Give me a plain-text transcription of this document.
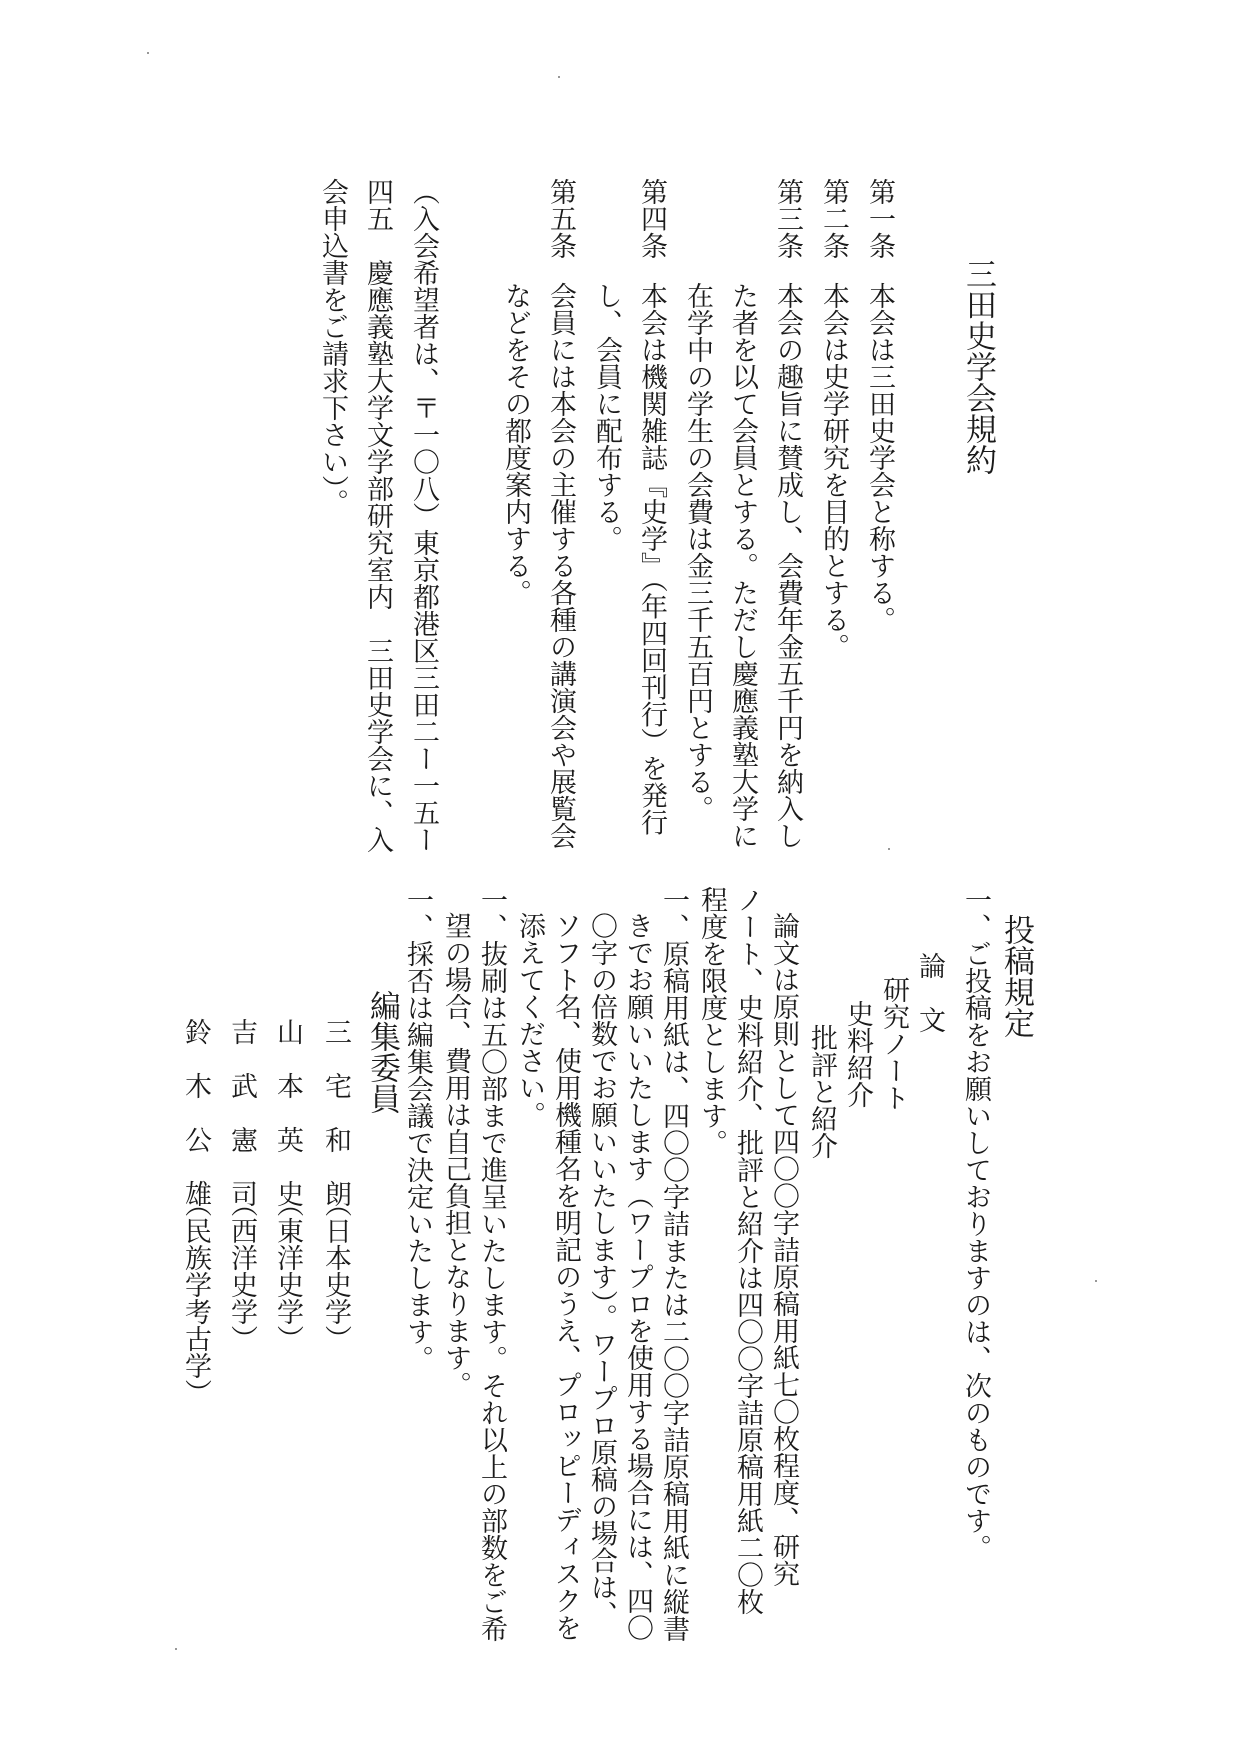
三田史学会規約
第一条
本会は三田史学会と称する。
第二条
本会は史学研究を目的とする。
第三条
本会の趣旨に賛成し、会費年金五千円を納入し
た者を以て会員とする。ただし慶應義塾大学に
在学中の学生の会費は金三千五百円とする。
第四条
本会は機関雑誌『史学』（年四回刊行）を発行
し、会員に配布する。
第五条
会員には本会の主催する各種の講演会や展覧会
などをその都度案内する。
（入会希望者は、〒一〇八）東京都港区三田二ー一五ー
四五　慶應義塾大学文学部研究室内　三田史学会に、入
会申込書をご請求下さい）。
投稿規定
一、ご投稿をお願いしておりますのは、次のものです。
論　文
研究ノート
史料紹介
批評と紹介
論文は原則として四〇〇字詰原稿用紙七〇枚程度、研究
ノート、史料紹介、批評と紹介は四〇〇字詰原稿用紙二〇枚
程度を限度とします。
一、原稿用紙は、四〇〇字詰または二〇〇字詰原稿用紙に縦書
きでお願いいたします（ワープロを使用する場合には、四〇
〇字の倍数でお願いいたします）。ワープロ原稿の場合は、
ソフト名、使用機種名を明記のうえ、プロッピーディスクを
添えてください。
一、抜刷は五〇部まで進呈いたします。それ以上の部数をご希
望の場合、費用は自己負担となります。
一、採否は編集会議で決定いたします。
編集委員
三　宅　和　朗
（日本史学）
山　本　英　史
（東洋史学）
吉　武　憲　司
（西洋史学）
鈴　木　公　雄
（民族学考古学）
